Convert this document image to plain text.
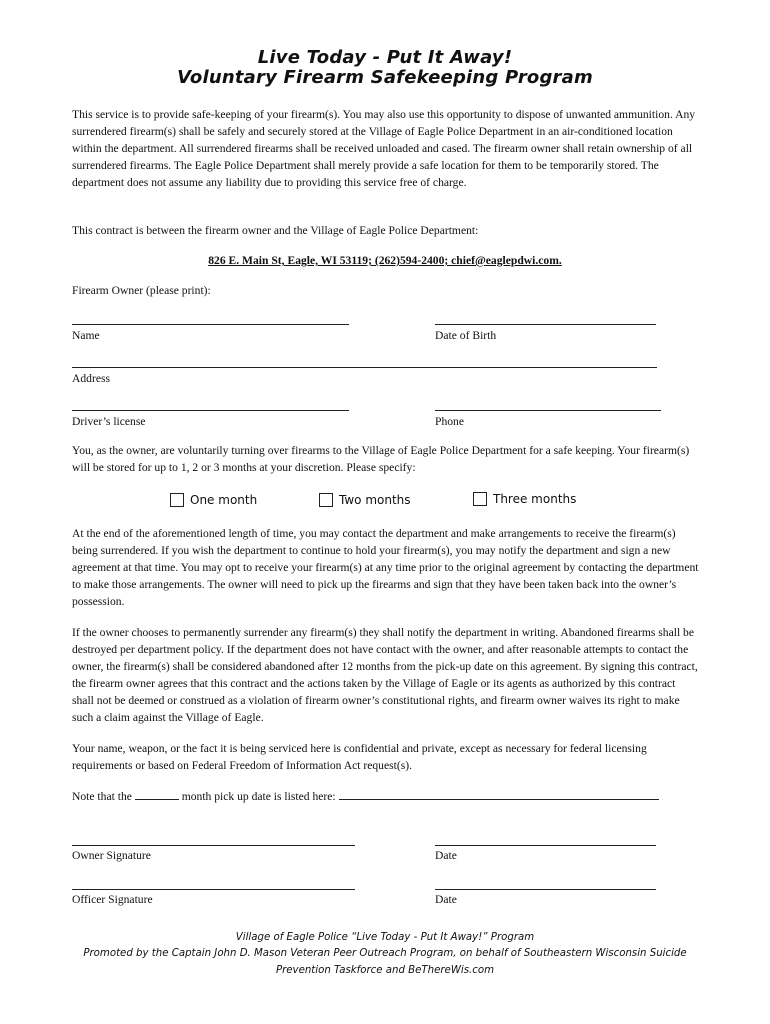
Live Today - Put It Away!
Voluntary Firearm Safekeeping Program
This service is to provide safe-keeping of your firearm(s). You may also use this opportunity to dispose of unwanted ammunition. Any surrendered firearm(s) shall be safely and securely stored at the Village of Eagle Police Department in an air-conditioned location within the department. All surrendered firearms shall be received unloaded and cased. The firearm owner shall retain ownership of all surrendered firearms. The Eagle Police Department shall merely provide a safe location for them to be temporarily stored. The department does not assume any liability due to providing this service free of charge.
This contract is between the firearm owner and the Village of Eagle Police Department:
826 E. Main St, Eagle, WI 53119; (262)594-2400; chief@eaglepdwi.com.
Firearm Owner (please print):
Name	Date of Birth
Address
Driver’s license	Phone
You, as the owner, are voluntarily turning over firearms to the Village of Eagle Police Department for a safe keeping. Your firearm(s) will be stored for up to 1, 2 or 3 months at your discretion. Please specify:
One month	Two months	Three months
At the end of the aforementioned length of time, you may contact the department and make arrangements to receive the firearm(s) being surrendered. If you wish the department to continue to hold your firearm(s), you may notify the department and sign a new agreement at that time. You may opt to receive your firearm(s) at any time prior to the original agreement by contacting the department to make those arrangements. The owner will need to pick up the firearms and sign that they have been taken back into the owner’s possession.
If the owner chooses to permanently surrender any firearm(s) they shall notify the department in writing. Abandoned firearms shall be destroyed per department policy. If the department does not have contact with the owner, and after reasonable attempts to contact the owner, the firearm(s) shall be considered abandoned after 12 months from the pick-up date on this agreement. By signing this contract, the firearm owner agrees that this contract and the actions taken by the Village of Eagle or its agents as authorized by this contract shall not be deemed or construed as a violation of firearm owner’s constitutional rights, and firearm owner waives its right to make such a claim against the Village of Eagle.
Your name, weapon, or the fact it is being serviced here is confidential and private, except as necessary for federal licensing requirements or based on Federal Freedom of Information Act request(s).
Note that the	month pick up date is listed here:
Owner Signature	Date
Officer Signature	Date
Village of Eagle Police “Live Today - Put It Away!” Program
Promoted by the Captain John D. Mason Veteran Peer Outreach Program, on behalf of Southeastern Wisconsin Suicide
Prevention Taskforce and BeThereWis.com
